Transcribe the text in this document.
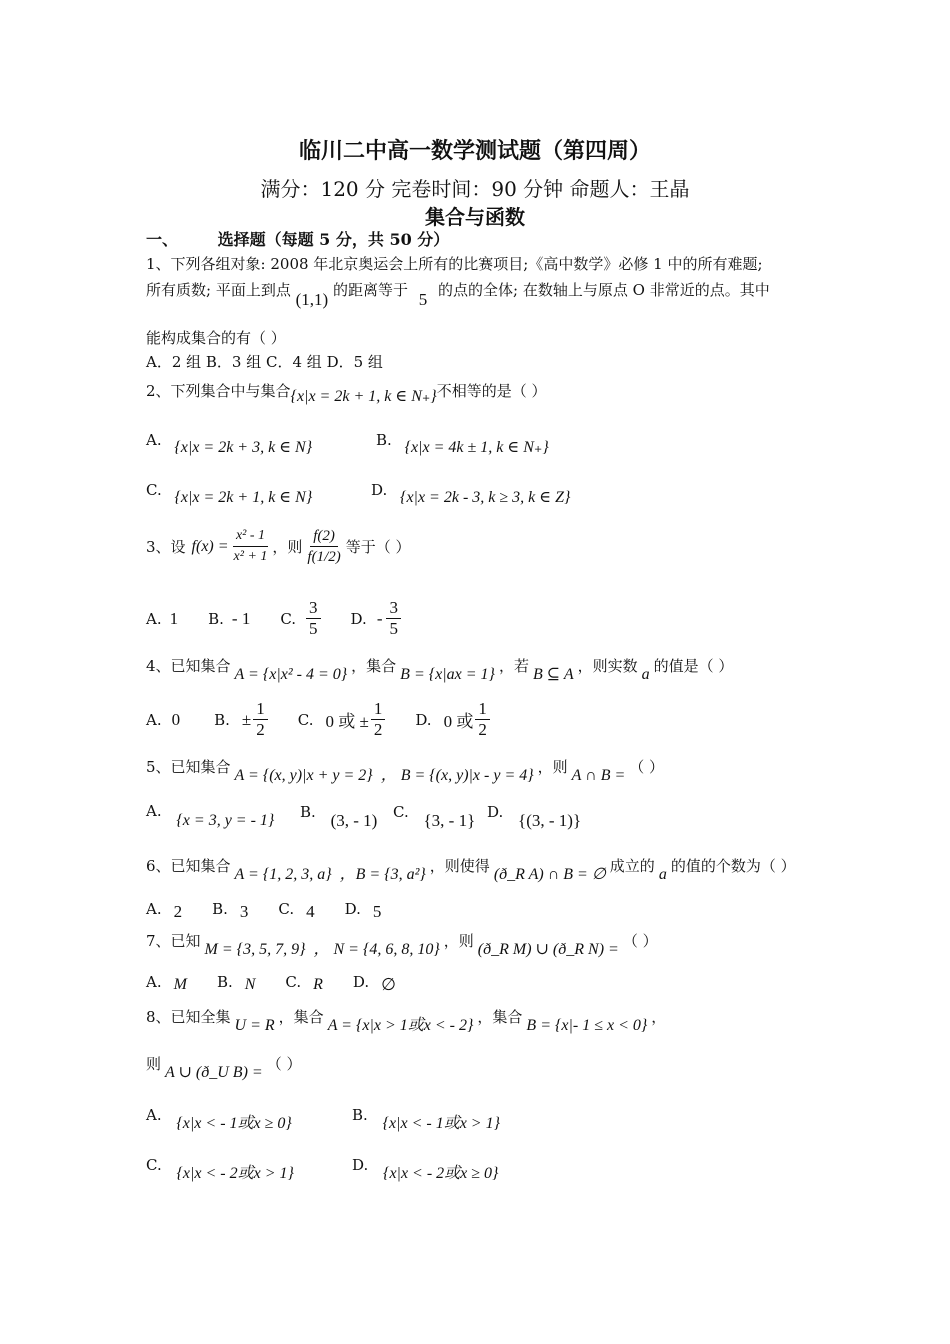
临川二中高一数学测试题（第四周）
满分：120 分 完卷时间：90 分钟 命题人：王晶
集合与函数
一、 选择题（每题 5 分，共 50 分）
1、下列各组对象: 2008 年北京奥运会上所有的比赛项目;《高中数学》必修 1 中的所有难题;
所有质数; 平面上到点 (1,1) 的距离等于 5 的点的全体; 在数轴上与原点 O 非常近的点。其中
能构成集合的有（ ）
A．2 组 B．3 组 C．4 组 D．5 组
2、下列集合中与集合{x|x = 2k + 1, k ∈ N₊}不相等的是（ ）
A. {x|x = 2k + 3, k ∈ N}	B. {x|x = 4k ± 1, k ∈ N₊}
C. {x|x = 2k + 1, k ∈ N}	D. {x|x = 2k - 3, k ≥ 3, k ∈ Z}
3、设 $f(x) = \frac{\text{x² - 1}}{\text{x² + 1}}$ ，则 $\frac{f(2)}{f(1/2)}$ 等于（ ）
A. 1 B. - 1 C. $\frac{3}{5} D$. - $\frac{3}{5}$
4、已知集合 A = {x|x² - 4 = 0} ，集合 B = {x|ax = 1} ，若 B ⊆ A ，则实数 a 的值是（ ）
A. 0 B. ± $\frac{1}{2} C$. 0 或 ± $\frac{1}{2} D$. 0 或 $\frac{1}{2}$
5、已知集合 A = {(x, y)|x + y = 2} ， B = {(x, y)|x - y = 4} ，则 A ∩ B = （ ）
A. {x = 3, y = - 1} B. (3, - 1) C. {3, - 1} D. {(3, - 1)}
6、已知集合 A = {1, 2, 3, a} ，B = {3, a²} ，则使得 (ð_R A) ∩ B = ∅ 成立的 a 的值的个数为（ ）
A. 2 B. 3 C. 4 D. 5
7、已知 M = {3, 5, 7, 9} ， N = {4, 6, 8, 10} ，则 (ð_R M) ∪ (ð_R N) = （ ）
A. M B. N C. R D. ∅
8、已知全集 U = R ，集合 A = {x|x > 1或x < - 2} ，集合 B = {x|- 1 ≤ x < 0} ，
则 A ∪ (ð_U B) = （ ）
A. {x|x < - 1或x ≥ 0}	B. {x|x < - 1或x > 1}
C. {x|x < - 2或x > 1}	D. {x|x < - 2或x ≥ 0}
